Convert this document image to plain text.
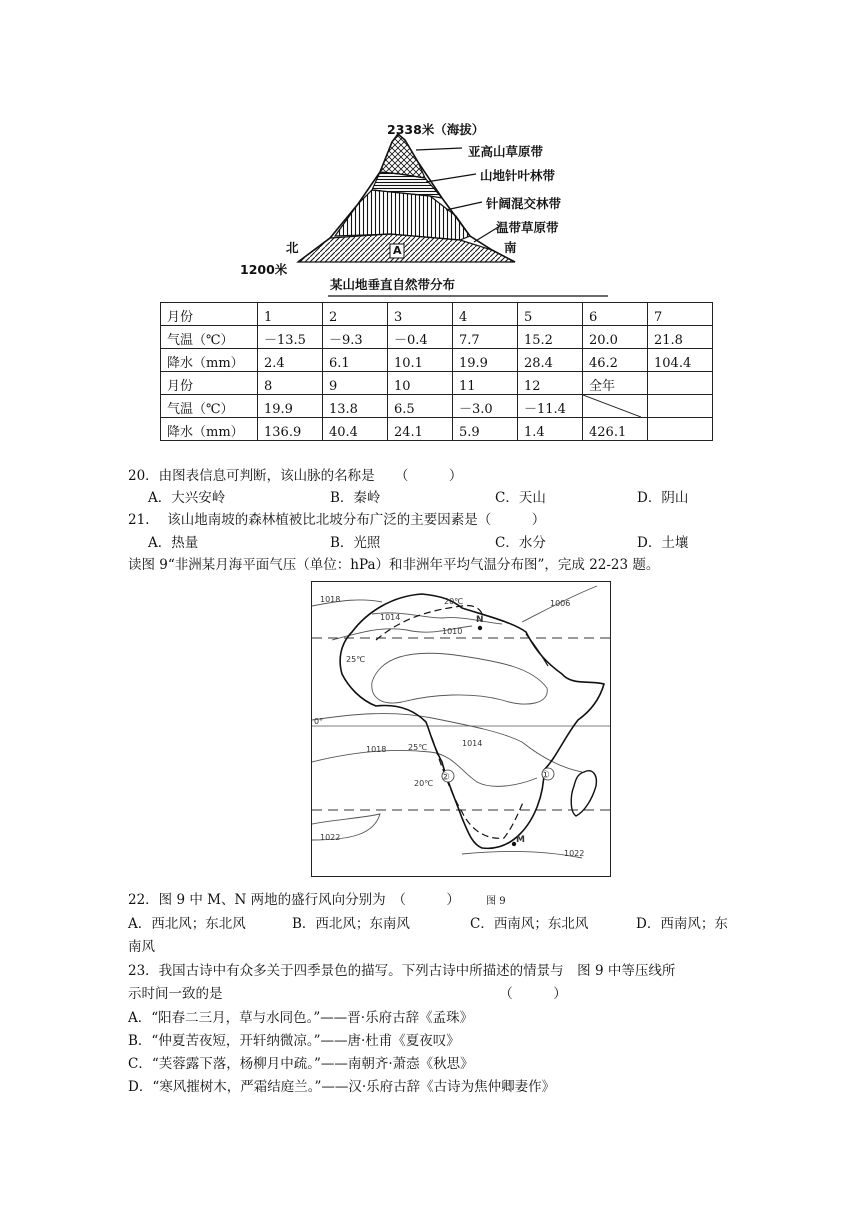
2338米（海拔）
亚高山草原带
山地针叶林带
针阔混交林带
温带草原带
北	南
A
1200米
某山地垂直自然带分布
月份	1	2	3	4	5	6	7
气温（℃）	－13.5	－9.3	－0.4	7.7	15.2	20.0	21.8
降水（mm）	2.4	6.1	10.1	19.9	28.4	46.2	104.4
月份	8	9	10	11	12	全年	
气温（℃）	19.9	13.8	6.5	－3.0	－11.4	

降水（mm）	136.9	40.4	24.1	5.9	1.4	426.1	
20．由图表信息可判断，该山脉的名称是　　（　　　）
A．大兴安岭	B．秦岭	C．天山	D．阴山
21.　 该山地南坡的森林植被比北坡分布广泛的主要因素是（　　　）
A．热量	B．光照	C．水分	D．土壤
读图 9“非洲某月海平面气压（单位：hPa）和非洲年平均气温分布图”，完成 22-23 题。
1018
1014
1010
1006
1014
1018
1022
1022
20℃
25℃
25℃
20℃
0°
N
M
①
②
22．图 9 中 M、N 两地的盛行风向分别为　（　　　）	图 9
A．西北风；东北风	B．西北风；东南风	C．西南风；东北风	D．西南风；东
南风
23．我国古诗中有众多关于四季景色的描写。下列古诗中所描述的情景与　图 9 中等压线所
示时间一致的是　　　　　　　　　　　　　　　　　　　　　（　　　）
A．“阳春二三月，草与水同色。”——晋·乐府古辞《孟珠》
B．“仲夏苦夜短，开轩纳微凉。”——唐·杜甫《夏夜叹》
C．“芙蓉露下落，杨柳月中疏。”——南朝齐·萧悫《秋思》
D．“寒风摧树木，严霜结庭兰。”——汉·乐府古辞《古诗为焦仲卿妻作》
